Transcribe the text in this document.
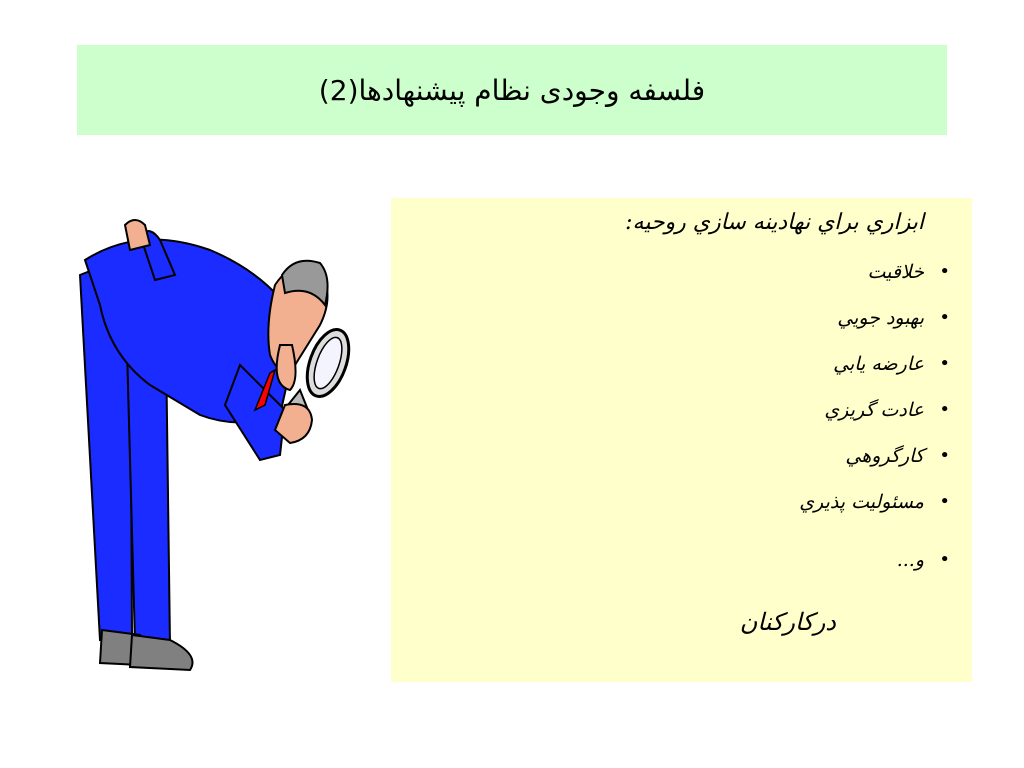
فلسفه وجودی نظام پیشنهادها(2)
ابزاري براي نهادينه سازي روحيه:
•
خلاقيت
•
بهبود جويي
•
عارضه يابي
•
عادت گريزي
•
كارگروهي
•
مسئوليت پذيري
•
و...
دركاركنان
